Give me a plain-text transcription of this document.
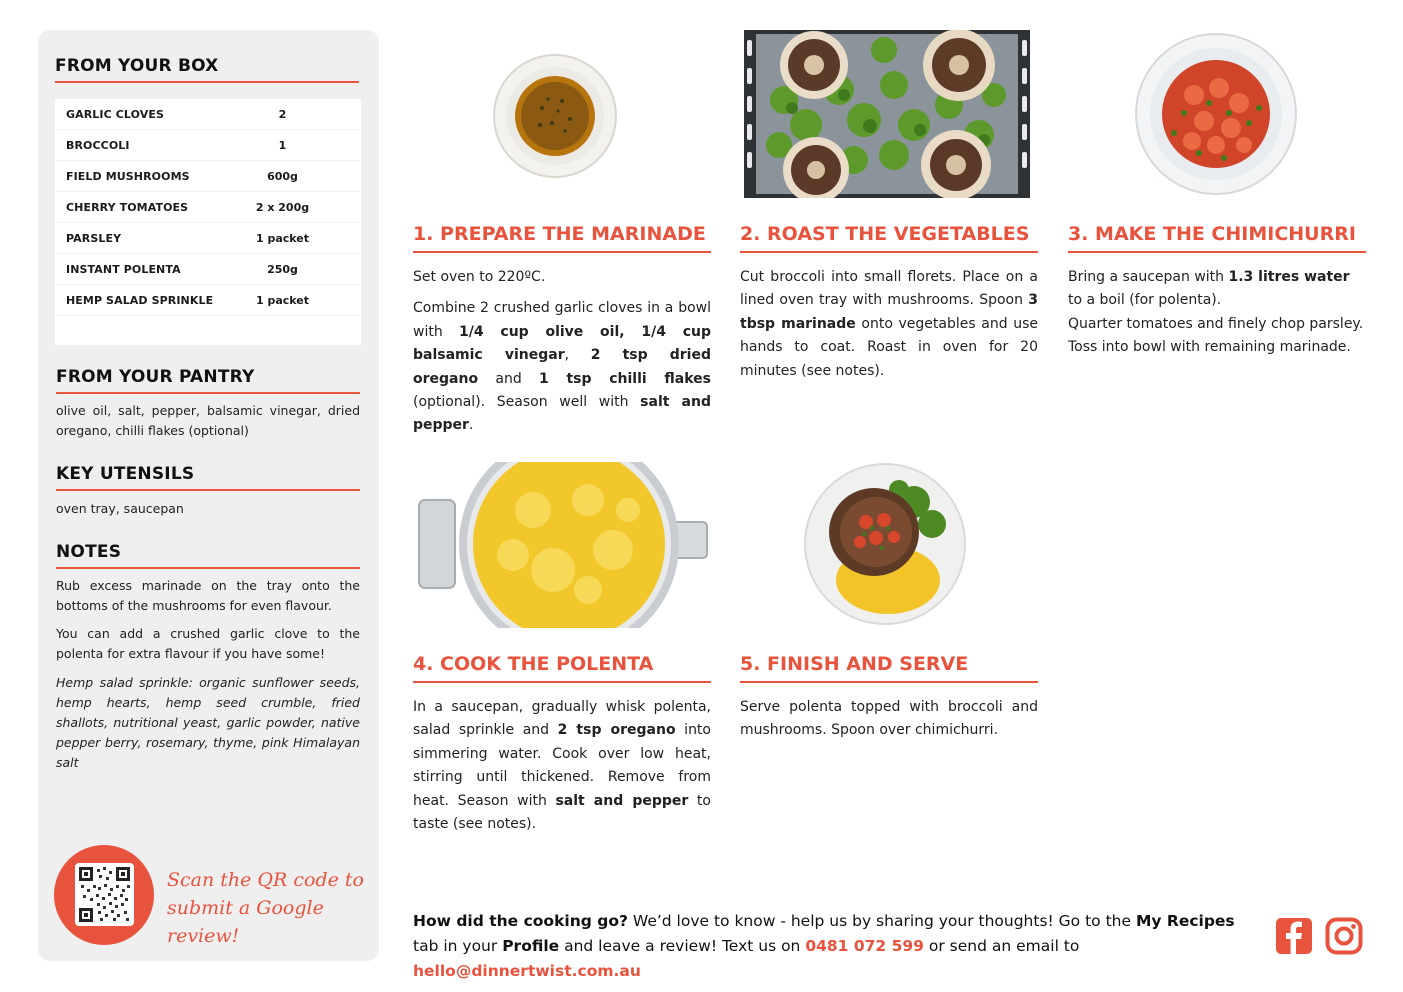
FROM YOUR BOX
GARLIC CLOVES	2
BROCCOLI	1
FIELD MUSHROOMS	600g
CHERRY TOMATOES	2 x 200g
PARSLEY	1 packet
INSTANT POLENTA	250g
HEMP SALAD SPRINKLE	1 packet
FROM YOUR PANTRY
olive oil, salt, pepper, balsamic vinegar, dried oregano, chilli flakes (optional)
KEY UTENSILS
oven tray, saucepan
NOTES
Rub excess marinade on the tray onto the bottoms of the mushrooms for even flavour.
You can add a crushed garlic clove to the polenta for extra flavour if you have some!
Hemp salad sprinkle: organic sunflower seeds, hemp hearts, hemp seed crumble, fried shallots, nutritional yeast, garlic powder, native pepper berry, rosemary, thyme, pink Himalayan salt
Scan the QR code to
submit a Google review!
1. PREPARE THE MARINADE

Set oven to 220ºC.

Combine 2 crushed garlic cloves in a bowl with 1/4 cup olive oil, 1/4 cup balsamic vinegar, 2 tsp dried oregano and 1 tsp chilli flakes (optional). Season well with salt and pepper.

2. ROAST THE VEGETABLES

Cut broccoli into small florets. Place on a lined oven tray with mushrooms. Spoon 3 tbsp marinade onto vegetables and use hands to coat. Roast in oven for 20 minutes (see notes).

3. MAKE THE CHIMICHURRI

Bring a saucepan with 1.3 litres water to a boil (for polenta).

Quarter tomatoes and finely chop parsley. Toss into bowl with remaining marinade.

4. COOK THE POLENTA

In a saucepan, gradually whisk polenta, salad sprinkle and 2 tsp oregano into simmering water. Cook over low heat, stirring until thickened. Remove from heat. Season with salt and pepper to taste (see notes).

5. FINISH AND SERVE

Serve polenta topped with broccoli and mushrooms. Spoon over chimichurri.

How did the cooking go? We’d love to know - help us by sharing your thoughts! Go to the My Recipes tab in your Profile and leave a review! Text us on 0481 072 599 or send an email to hello@dinnertwist.com.au
